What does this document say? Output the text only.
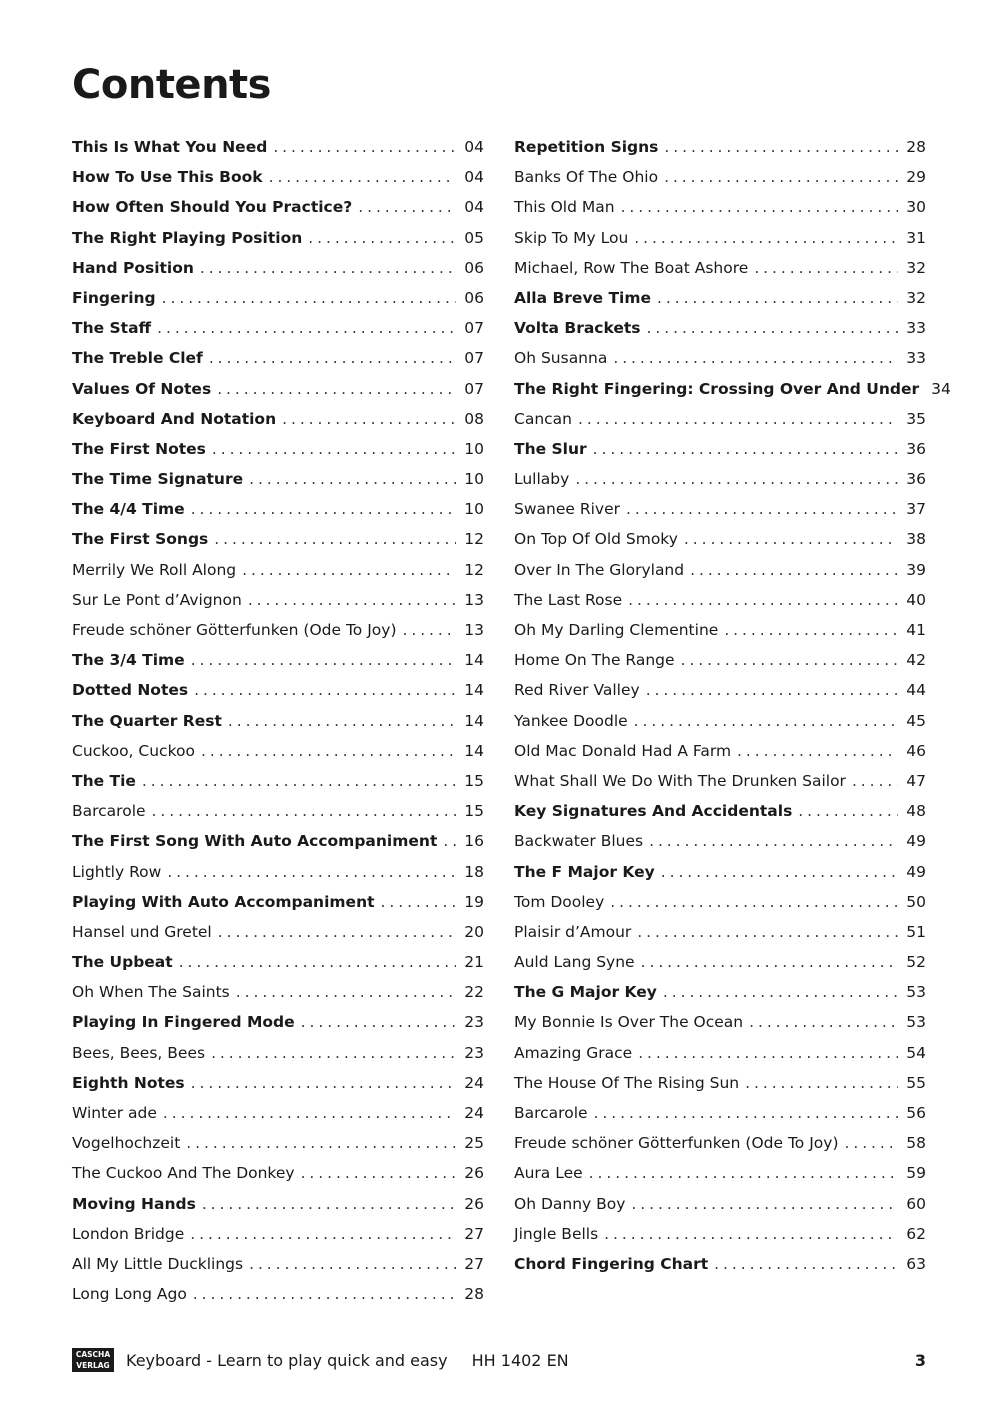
Contents
This Is What You Need . . .	04
How To Use This Book . . .	04
How Often Should You Practice? . . .	04
The Right Playing Position . . .	05
Hand Position . . .	06
Fingering . . .	06
The Staff . . .	07
The Treble Clef . . .	07
Values Of Notes . . .	07
Keyboard And Notation . . .	08
The First Notes . . .	10
The Time Signature . . .	10
The 4/4 Time . . .	10
The First Songs . . .	12
Merrily We Roll Along . . .	12
Sur Le Pont d’Avignon . . .	13
Freude schöner Götterfunken (Ode To Joy) . . .	13
The 3/4 Time . . .	14
Dotted Notes . . .	14
The Quarter Rest . . .	14
Cuckoo, Cuckoo . . .	14
The Tie . . .	15
Barcarole . . .	15
The First Song With Auto Accompaniment . . . 16
Lightly Row . . .	18
Playing With Auto Accompaniment . . .	19
Hansel und Gretel . . .	20
The Upbeat . . .	21
Oh When The Saints . . .	22
Playing In Fingered Mode . . .	23
Bees, Bees, Bees . . .	23
Eighth Notes . . .	24
Winter ade . . .	24
Vogelhochzeit . . .	25
The Cuckoo And The Donkey . . .	26
Moving Hands . . .	26
London Bridge . . .	27
All My Little Ducklings . . .	27
Long Long Ago . . .	28
Repetition Signs . . .	28
Banks Of The Ohio . . .	29
This Old Man . . .	30
Skip To My Lou . . .	31
Michael, Row The Boat Ashore . . .	32
Alla Breve Time . . .	32
Volta Brackets . . .	33
Oh Susanna . . .	33
The Right Fingering: Crossing Over And Under 34
Cancan . . .	35
The Slur . . .	36
Lullaby . . .	36
Swanee River . . .	37
On Top Of Old Smoky . . .	38
Over In The Gloryland . . .	39
The Last Rose . . .	40
Oh My Darling Clementine . . .	41
Home On The Range . . .	42
Red River Valley . . .	44
Yankee Doodle . . .	45
Old Mac Donald Had A Farm . . .	46
What Shall We Do With The Drunken Sailor . . .	47
Key Signatures And Accidentals . . .	48
Backwater Blues . . .	49
The F Major Key . . .	49
Tom Dooley . . .	50
Plaisir d’Amour . . .	51
Auld Lang Syne . . .	52
The G Major Key . . .	53
My Bonnie Is Over The Ocean . . .	53
Amazing Grace . . .	54
The House Of The Rising Sun . . .	55
Barcarole . . .	56
Freude schöner Götterfunken (Ode To Joy) . . .	58
Aura Lee . . .	59
Oh Danny Boy . . .	60
Jingle Bells . . .	62
Chord Fingering Chart . . .	63
CASCHA
VERLAG Keyboard - Learn to play quick and easy HH 1402 EN	3
